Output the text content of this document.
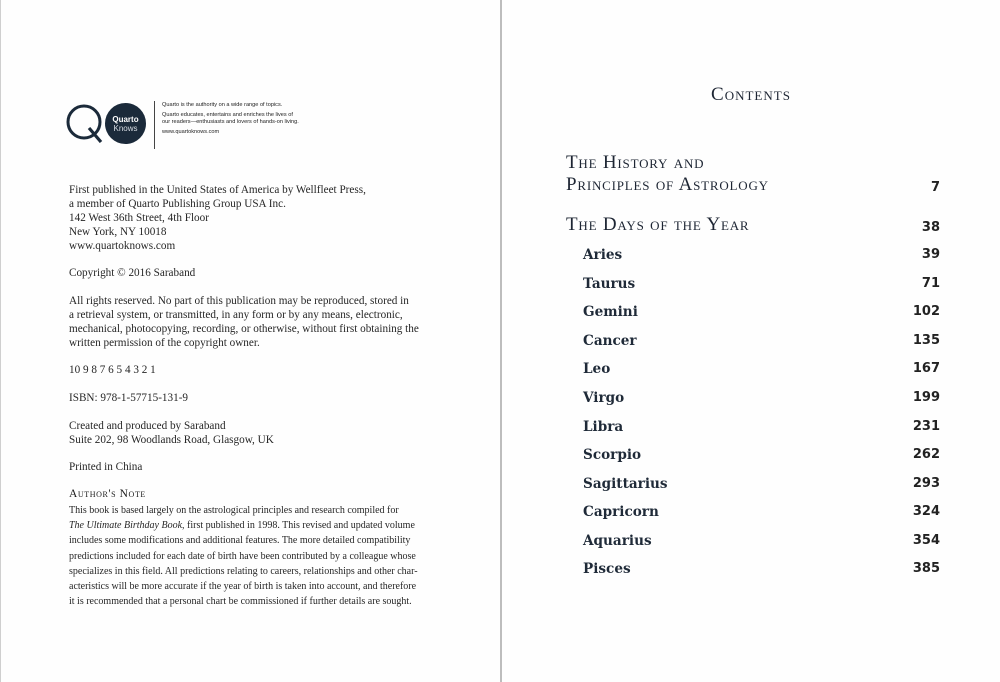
Quarto
Knows
Quarto is the authority on a wide range of topics.
Quarto educates, entertains and enriches the lives of
our readers—enthusiasts and lovers of hands-on living.
www.quartoknows.com
First published in the United States of America by Wellfleet Press,
a member of Quarto Publishing Group USA Inc.
142 West 36th Street, 4th Floor
New York, NY 10018
www.quartoknows.com
Copyright © 2016 Saraband
All rights reserved. No part of this publication may be reproduced, stored in
a retrieval system, or transmitted, in any form or by any means, electronic,
mechanical, photocopying, recording, or otherwise, without first obtaining the
written permission of the copyright owner.
10 9 8 7 6 5 4 3 2 1
ISBN: 978-1-57715-131-9
Created and produced by Saraband
Suite 202, 98 Woodlands Road, Glasgow, UK
Printed in China
Author's Note
This book is based largely on the astrological principles and research compiled for
The Ultimate Birthday Book, first published in 1998. This revised and updated volume
includes some modifications and additional features. The more detailed compatibility
predictions included for each date of birth have been contributed by a colleague whose
specializes in this field. All predictions relating to careers, relationships and other char-
acteristics will be more accurate if the year of birth is taken into account, and therefore
it is recommended that a personal chart be commissioned if further details are sought.
Contents
The History and
Principles of Astrology	7
The Days of the Year	38
Aries	39
Taurus	71
Gemini	102
Cancer	135
Leo	167
Virgo	199
Libra	231
Scorpio	262
Sagittarius	293
Capricorn	324
Aquarius	354
Pisces	385
